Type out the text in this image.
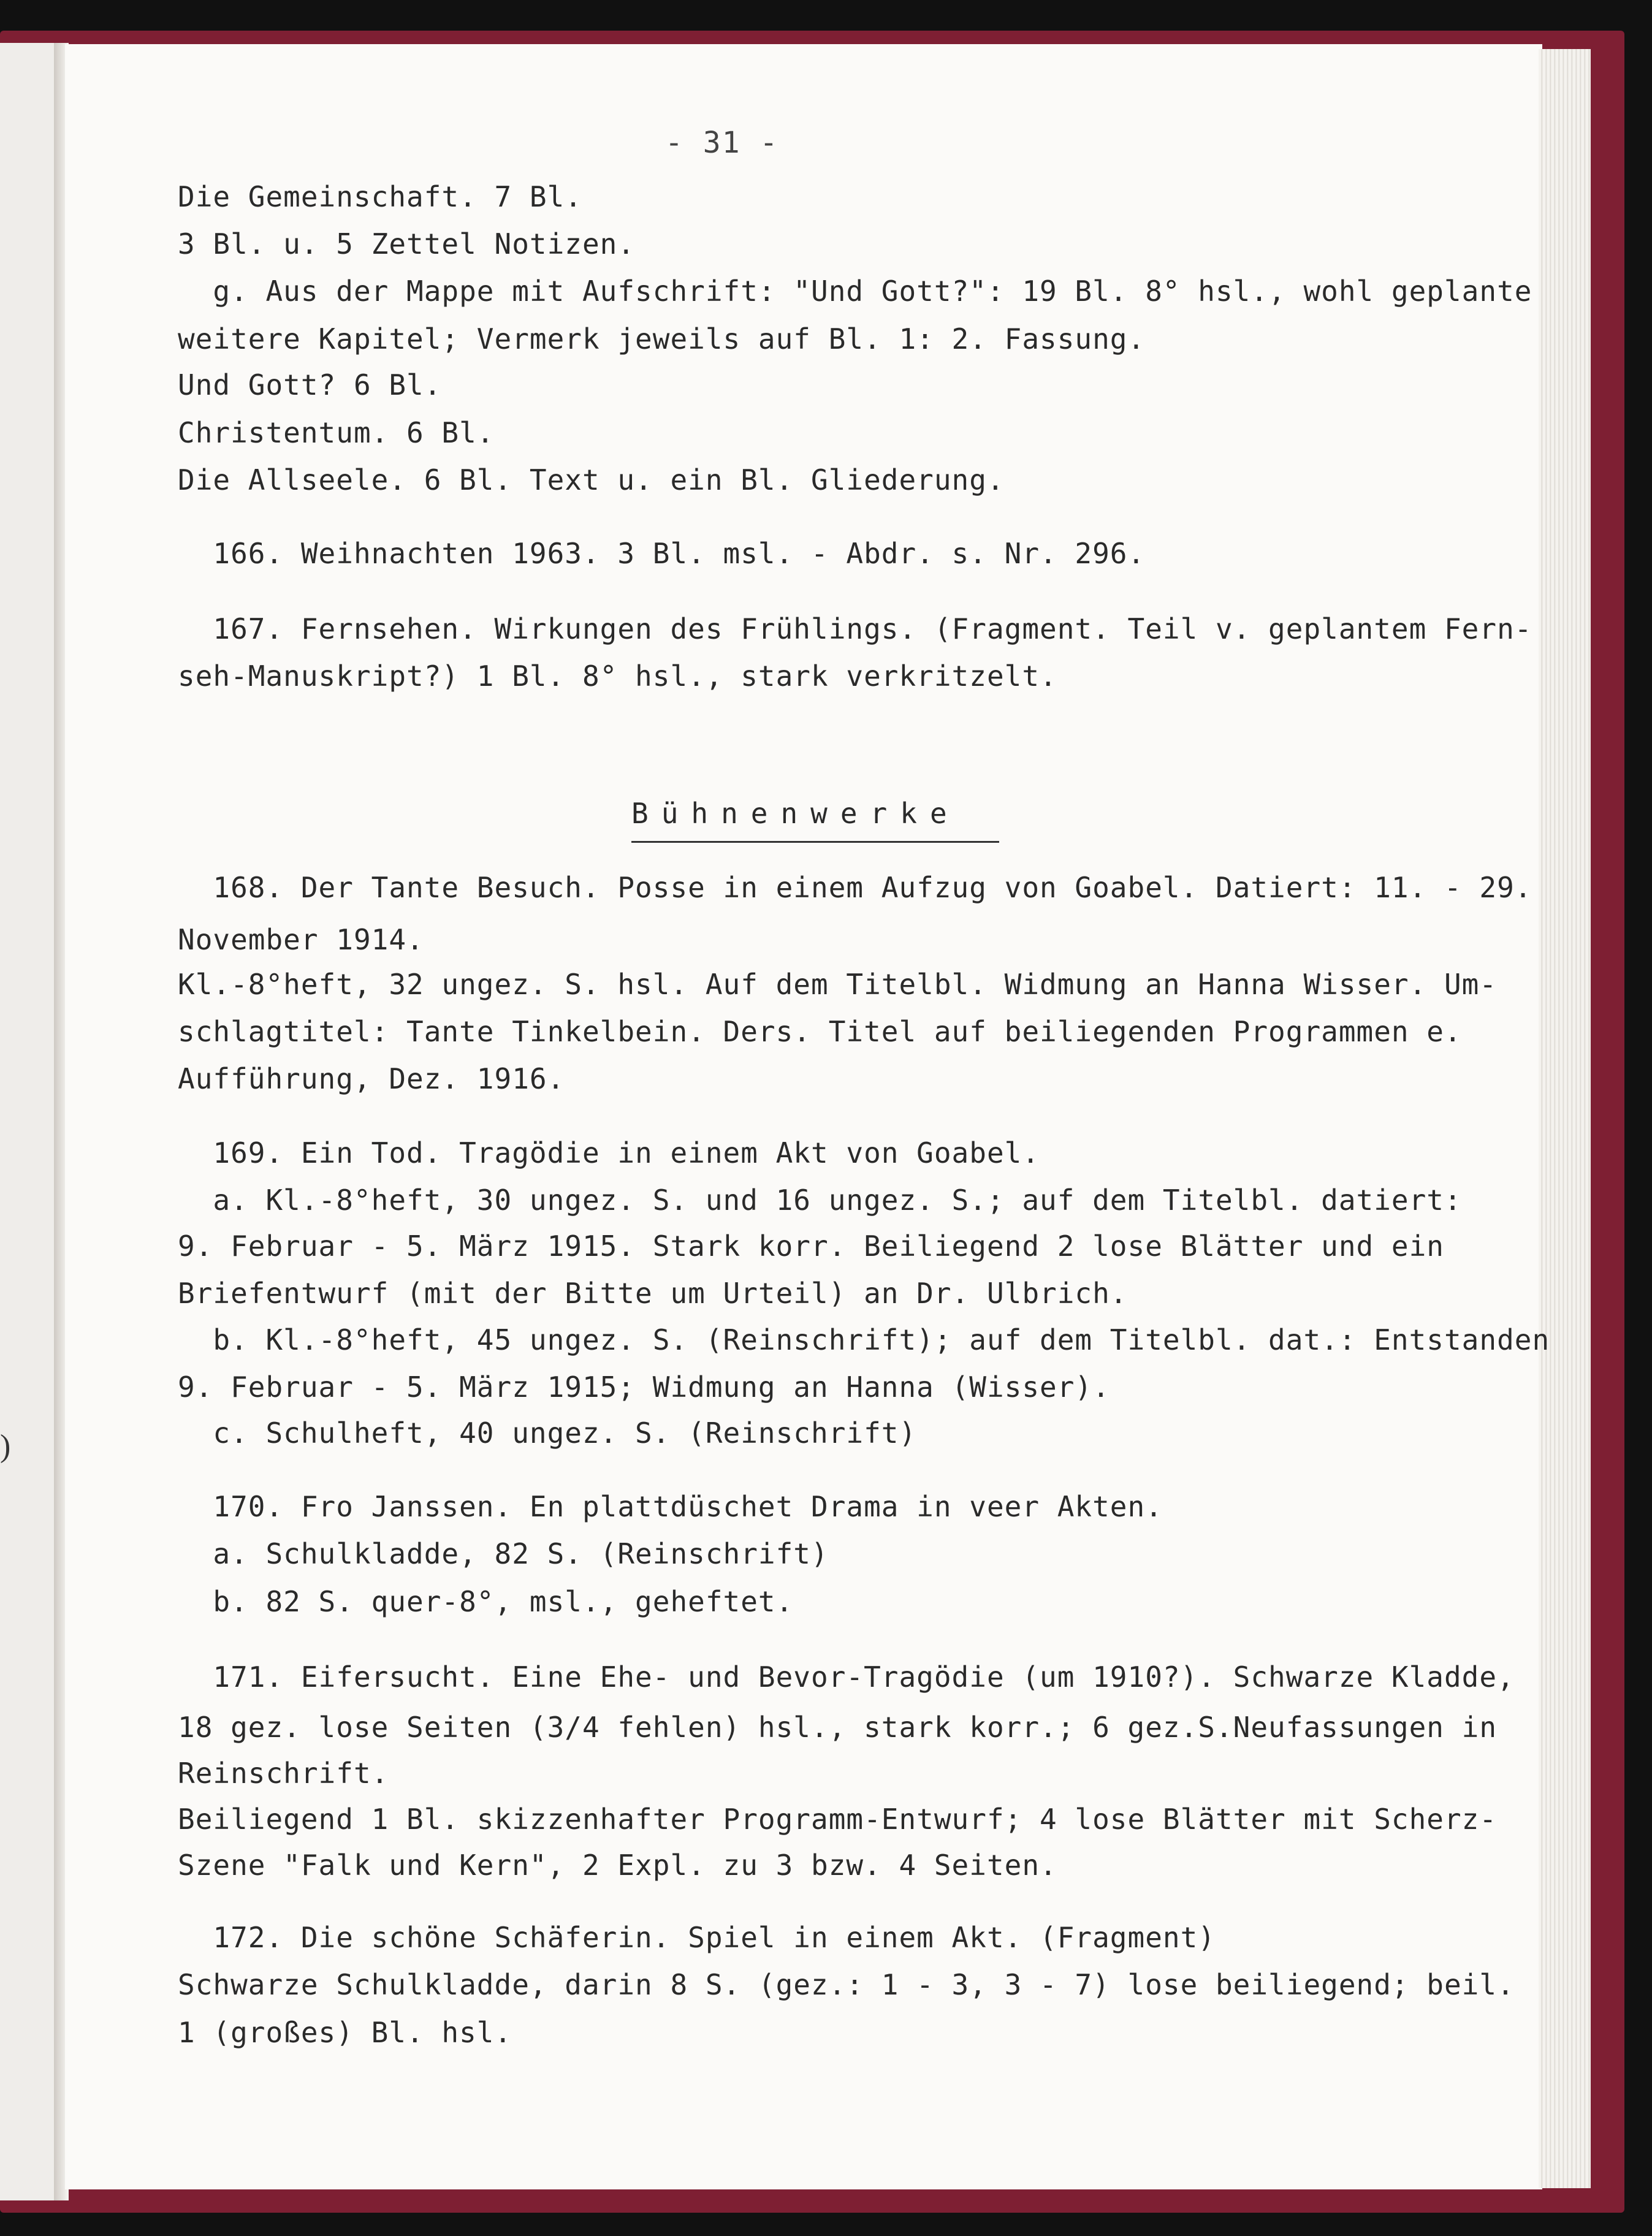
)
- 31 -
Die Gemeinschaft. 7 Bl.
3 Bl. u. 5 Zettel Notizen.
g. Aus der Mappe mit Aufschrift: "Und Gott?": 19 Bl. 8° hsl., wohl geplante
weitere Kapitel; Vermerk jeweils auf Bl. 1: 2. Fassung.
Und Gott? 6 Bl.
Christentum. 6 Bl.
Die Allseele. 6 Bl. Text u. ein Bl. Gliederung.
166. Weihnachten 1963. 3 Bl. msl. - Abdr. s. Nr. 296.
167. Fernsehen. Wirkungen des Frühlings. (Fragment. Teil v. geplantem Fern-
seh-Manuskript?) 1 Bl. 8° hsl., stark verkritzelt.
Bühnenwerke
168. Der Tante Besuch. Posse in einem Aufzug von Goabel. Datiert: 11. - 29.
November 1914.
Kl.-8°heft, 32 ungez. S. hsl. Auf dem Titelbl. Widmung an Hanna Wisser. Um-
schlagtitel: Tante Tinkelbein. Ders. Titel auf beiliegenden Programmen e.
Aufführung, Dez. 1916.
169. Ein Tod. Tragödie in einem Akt von Goabel.
a. Kl.-8°heft, 30 ungez. S. und 16 ungez. S.; auf dem Titelbl. datiert:
9. Februar - 5. März 1915. Stark korr. Beiliegend 2 lose Blätter und ein
Briefentwurf (mit der Bitte um Urteil) an Dr. Ulbrich.
b. Kl.-8°heft, 45 ungez. S. (Reinschrift); auf dem Titelbl. dat.: Entstanden
9. Februar - 5. März 1915; Widmung an Hanna (Wisser).
c. Schulheft, 40 ungez. S. (Reinschrift)
170. Fro Janssen. En plattdüschet Drama in veer Akten.
a. Schulkladde, 82 S. (Reinschrift)
b. 82 S. quer-8°, msl., geheftet.
171. Eifersucht. Eine Ehe- und Bevor-Tragödie (um 1910?). Schwarze Kladde,
18 gez. lose Seiten (3/4 fehlen) hsl., stark korr.; 6 gez.S.Neufassungen in
Reinschrift.
Beiliegend 1 Bl. skizzenhafter Programm-Entwurf; 4 lose Blätter mit Scherz-
Szene "Falk und Kern", 2 Expl. zu 3 bzw. 4 Seiten.
172. Die schöne Schäferin. Spiel in einem Akt. (Fragment)
Schwarze Schulkladde, darin 8 S. (gez.: 1 - 3, 3 - 7) lose beiliegend; beil.
1 (großes) Bl. hsl.
